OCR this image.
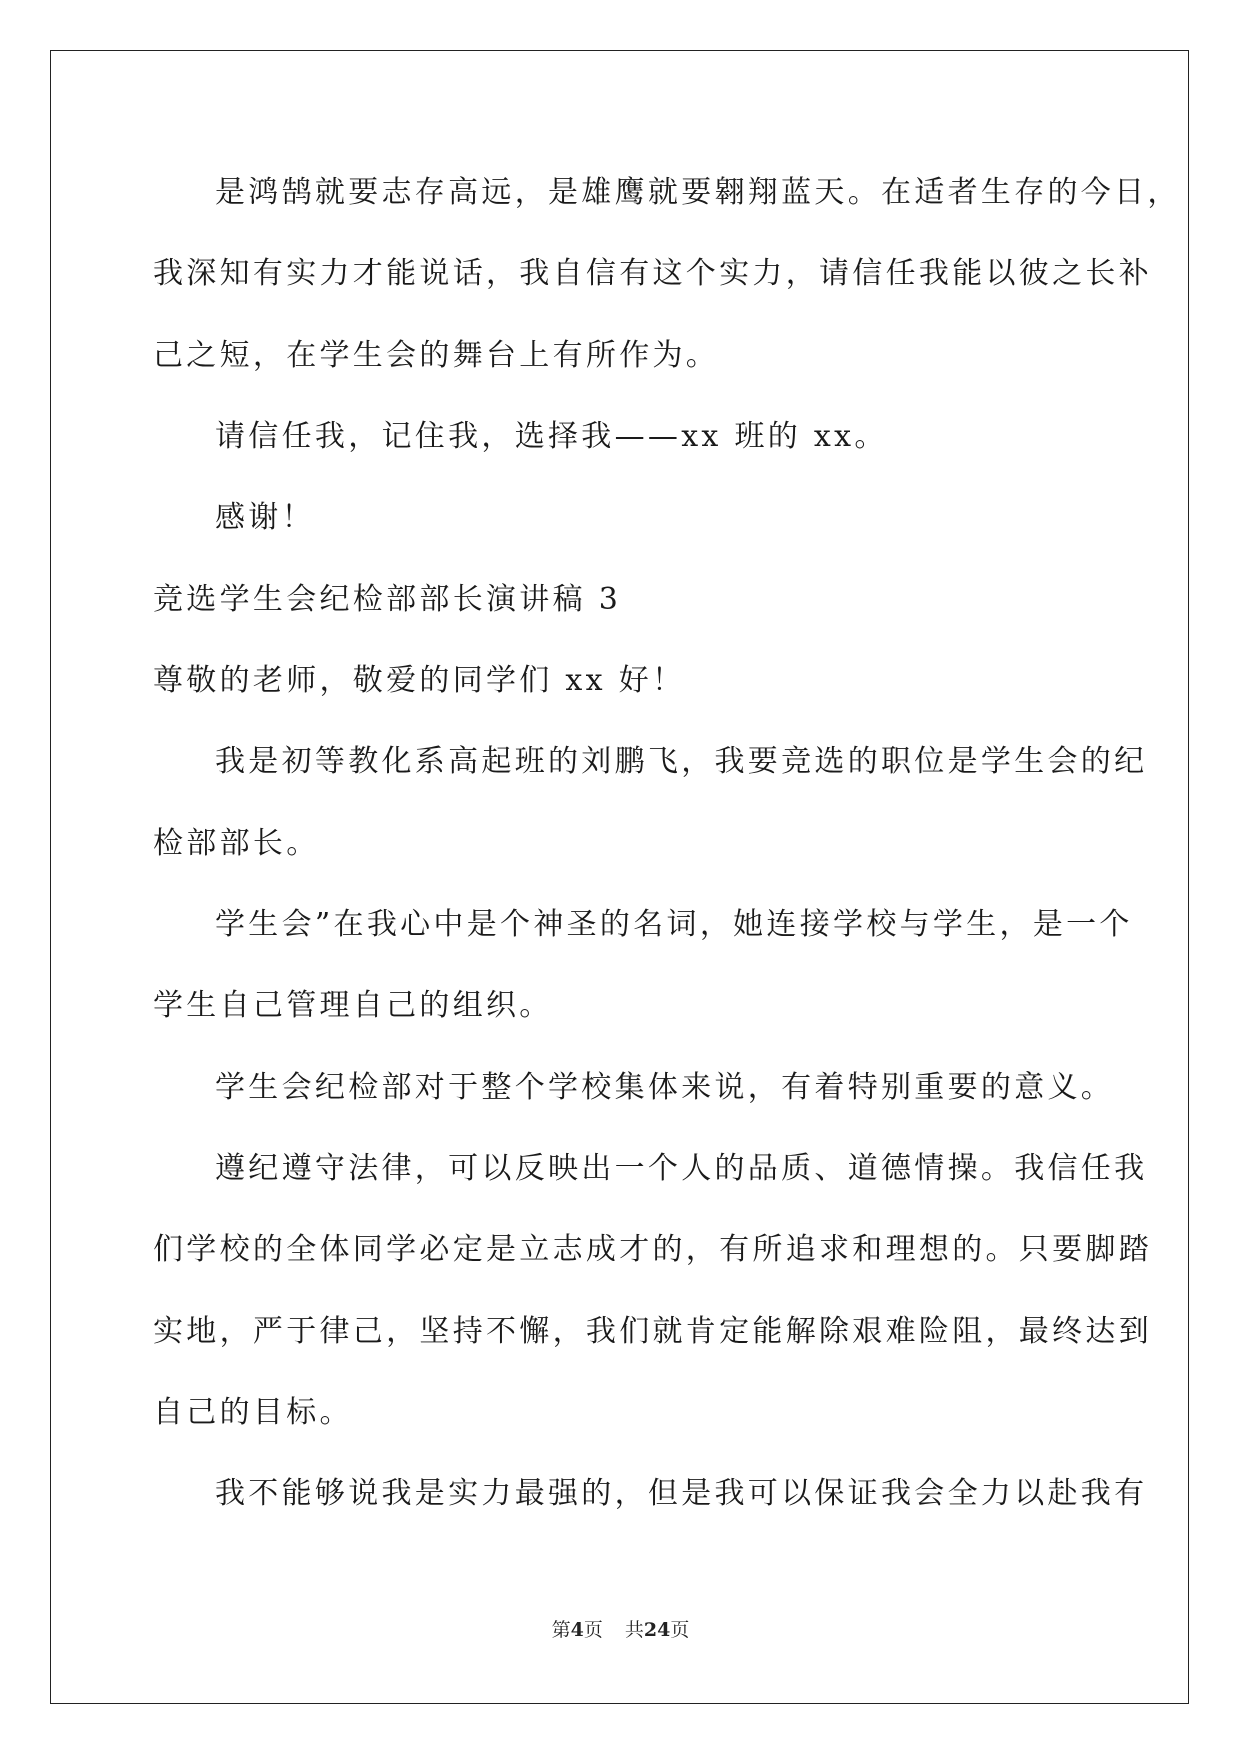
是鸿鹄就要志存高远，是雄鹰就要翱翔蓝天。在适者生存的今日，
我深知有实力才能说话，我自信有这个实力，请信任我能以彼之长补
己之短，在学生会的舞台上有所作为。
请信任我，记住我，选择我——xx 班的 xx。
感谢！
竞选学生会纪检部部长演讲稿 3
尊敬的老师，敬爱的同学们 xx 好！
我是初等教化系高起班的刘鹏飞，我要竞选的职位是学生会的纪
检部部长。
学生会”在我心中是个神圣的名词，她连接学校与学生，是一个
学生自己管理自己的组织。
学生会纪检部对于整个学校集体来说，有着特别重要的意义。
遵纪遵守法律，可以反映出一个人的品质、道德情操。我信任我
们学校的全体同学必定是立志成才的，有所追求和理想的。只要脚踏
实地，严于律己，坚持不懈，我们就肯定能解除艰难险阻，最终达到
自己的目标。
我不能够说我是实力最强的，但是我可以保证我会全力以赴我有
第4页 共24页
